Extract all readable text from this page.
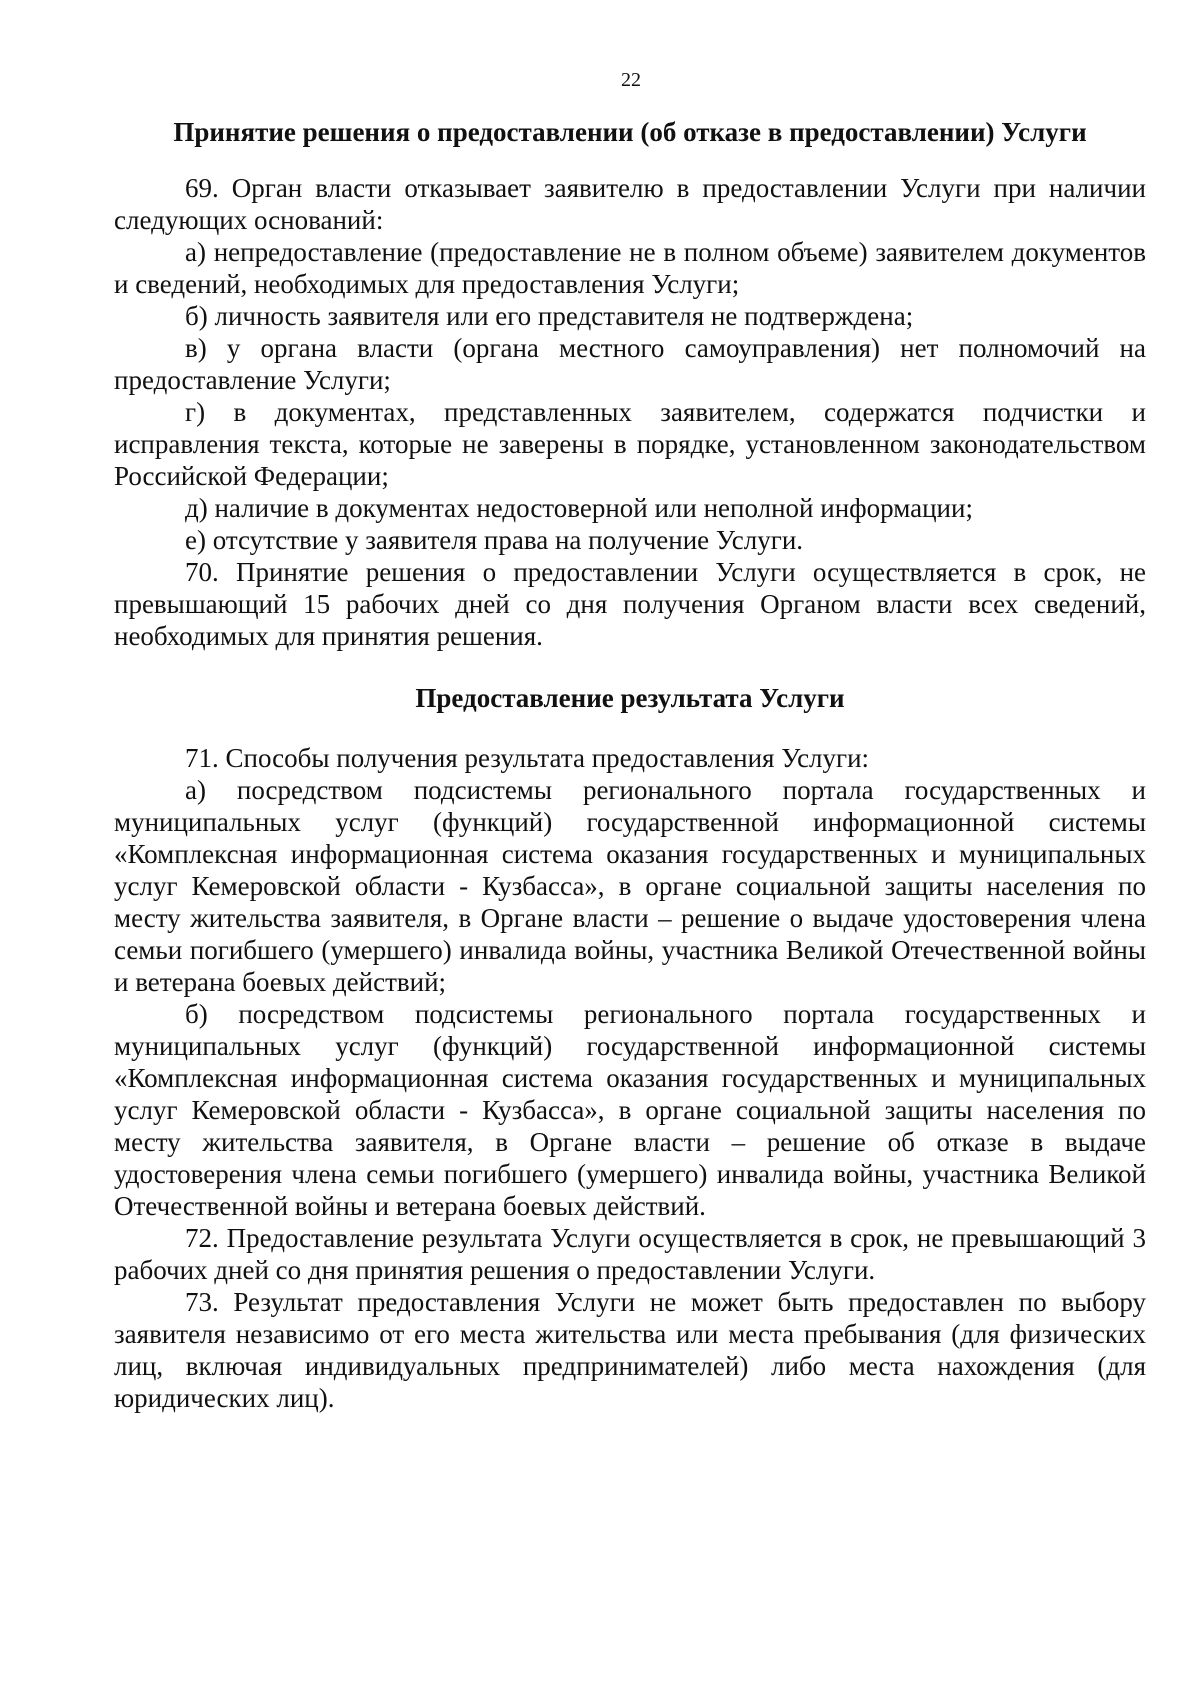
22
Принятие решения о предоставлении (об отказе в предоставлении) Услуги

69. Орган власти отказывает заявителю в предоставлении Услуги при наличии следующих оснований:

а) непредоставление (предоставление не в полном объеме) заявителем документов и сведений, необходимых для предоставления Услуги;

б) личность заявителя или его представителя не подтверждена;

в) у органа власти (органа местного самоуправления) нет полномочий на предоставление Услуги;

г) в документах, представленных заявителем, содержатся подчистки и исправления текста, которые не заверены в порядке, установленном законодательством Российской Федерации;

д) наличие в документах недостоверной или неполной информации;

е) отсутствие у заявителя права на получение Услуги.

70. Принятие решения о предоставлении Услуги осуществляется в срок, не превышающий 15 рабочих дней со дня получения Органом власти всех сведений, необходимых для принятия решения.

Предоставление результата Услуги

71. Способы получения результата предоставления Услуги:

а) посредством подсистемы регионального портала государственных и муниципальных услуг (функций) государственной информационной системы «Комплексная информационная система оказания государственных и муниципальных услуг Кемеровской области - Кузбасса», в органе социальной защиты населения по месту жительства заявителя, в Органе власти – решение о выдаче удостоверения члена семьи погибшего (умершего) инвалида войны, участника Великой Отечественной войны и ветерана боевых действий;

б) посредством подсистемы регионального портала государственных и муниципальных услуг (функций) государственной информационной системы «Комплексная информационная система оказания государственных и муниципальных услуг Кемеровской области - Кузбасса», в органе социальной защиты населения по месту жительства заявителя, в Органе власти – решение об отказе в выдаче удостоверения члена семьи погибшего (умершего) инвалида войны, участника Великой Отечественной войны и ветерана боевых действий.

72. Предоставление результата Услуги осуществляется в срок, не превышающий 3 рабочих дней со дня принятия решения о предоставлении Услуги.

73. Результат предоставления Услуги не может быть предоставлен по выбору заявителя независимо от его места жительства или места пребывания (для физических лиц, включая индивидуальных предпринимателей) либо места нахождения (для юридических лиц).
